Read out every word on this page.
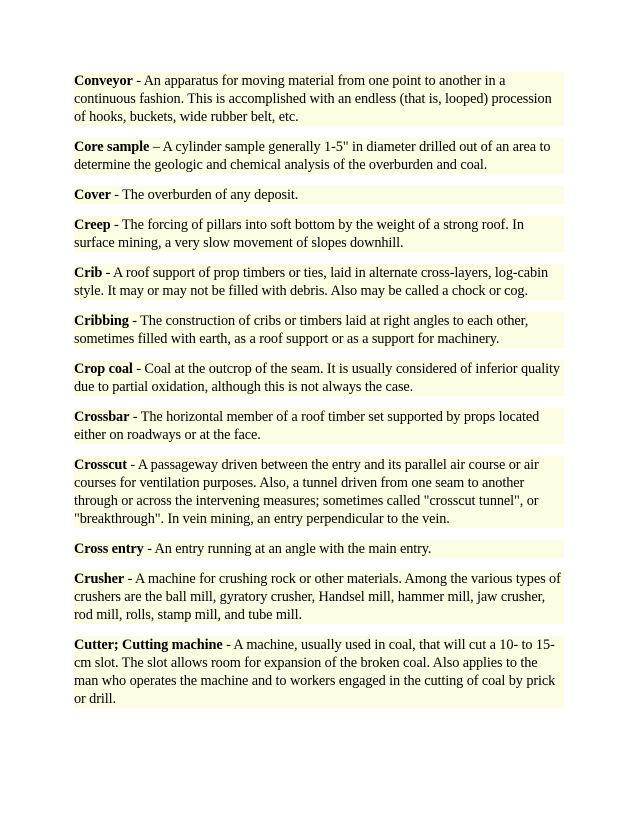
Conveyor - An apparatus for moving material from one point to another in a continuous fashion. This is accomplished with an endless (that is, looped) procession of hooks, buckets, wide rubber belt, etc.

Core sample – A cylinder sample generally 1-5" in diameter drilled out of an area to determine the geologic and chemical analysis of the overburden and coal.

Cover - The overburden of any deposit.

Creep - The forcing of pillars into soft bottom by the weight of a strong roof. In surface mining, a very slow movement of slopes downhill.

Crib - A roof support of prop timbers or ties, laid in alternate cross-layers, log-cabin style. It may or may not be filled with debris. Also may be called a chock or cog.

Cribbing - The construction of cribs or timbers laid at right angles to each other, sometimes filled with earth, as a roof support or as a support for machinery.

Crop coal - Coal at the outcrop of the seam. It is usually considered of inferior quality due to partial oxidation, although this is not always the case.

Crossbar - The horizontal member of a roof timber set supported by props located either on roadways or at the face.

Crosscut - A passageway driven between the entry and its parallel air course or air courses for ventilation purposes. Also, a tunnel driven from one seam to another through or across the intervening measures; sometimes called "crosscut tunnel", or "breakthrough". In vein mining, an entry perpendicular to the vein.

Cross entry - An entry running at an angle with the main entry.

Crusher - A machine for crushing rock or other materials. Among the various types of crushers are the ball mill, gyratory crusher, Handsel mill, hammer mill, jaw crusher, rod mill, rolls, stamp mill, and tube mill.

Cutter; Cutting machine - A machine, usually used in coal, that will cut a 10- to 15-cm slot. The slot allows room for expansion of the broken coal. Also applies to the man who operates the machine and to workers engaged in the cutting of coal by prick or drill.
